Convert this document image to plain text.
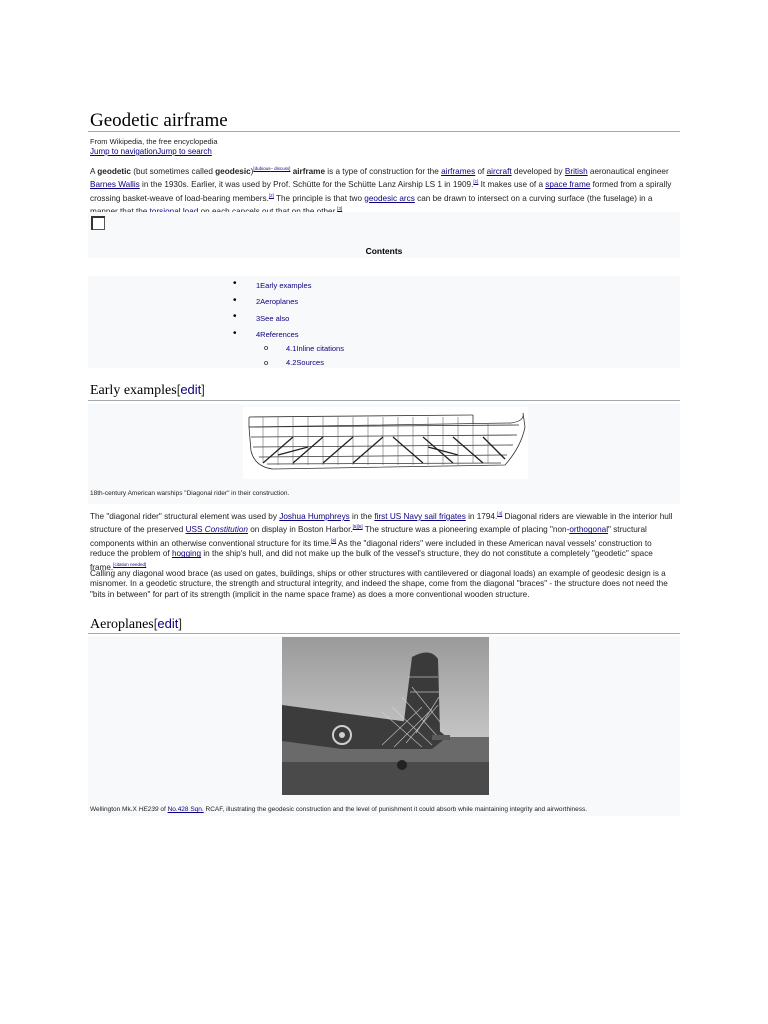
Geodetic airframe
From Wikipedia, the free encyclopedia
Jump to navigationJump to search
A geodetic (but sometimes called geodesic)[dubious– discuss] airframe is a type of construction for the airframes of aircraft developed by British aeronautical engineer Barnes Wallis in the 1930s. Earlier, it was used by Prof. Schütte for the Schütte Lanz Airship LS 1 in 1909.[1] It makes use of a space frame formed from a spirally crossing basket-weave of load-bearing members.[2] The principle is that two geodesic arcs can be drawn to intersect on a curving surface (the fuselage) in a [3]
Contents
•	1Early examples
•	2Aeroplanes
•	3See also
•	4References
o 4.1Inline citations
o 4.2Sources
Early examples[edit]
18th-century American warships "Diagonal rider" in their construction.
The "diagonal rider" structural element was used by Joshua Humphreys in the first US Navy sail frigates in 1794.[4] Diagonal riders are viewable in the interior hull structure of the preserved USS Constitution on display in Boston Harbor.[5][6] The structure was a pioneering example of placing "non-orthogonal" structural components within an otherwise conventional structure for its time.[6] As the "diagonal riders" were included in these American naval vessels' construction to reduce the problem of hogging in the ship's hull, and did not make up the bulk of the vessel's structure, they do not constitute a completely "geodetic" space frame.[citation needed]
Calling any diagonal wood brace (as used on gates, buildings, ships or other structures with cantilevered or diagonal loads) an example of geodesic design is a misnomer. In a geodetic structure, the strength and structural integrity, and indeed the shape, come from the diagonal "braces" - the structure does not need the "bits in between" for part of its strength (implicit in the name space frame) as does a more conventional wooden structure.
Aeroplanes[edit]
Wellington Mk.X HE239 of No.428 Sqn. RCAF, illustrating the geodesic construction and the level of punishment it could absorb while maintaining integrity and airworthiness.
